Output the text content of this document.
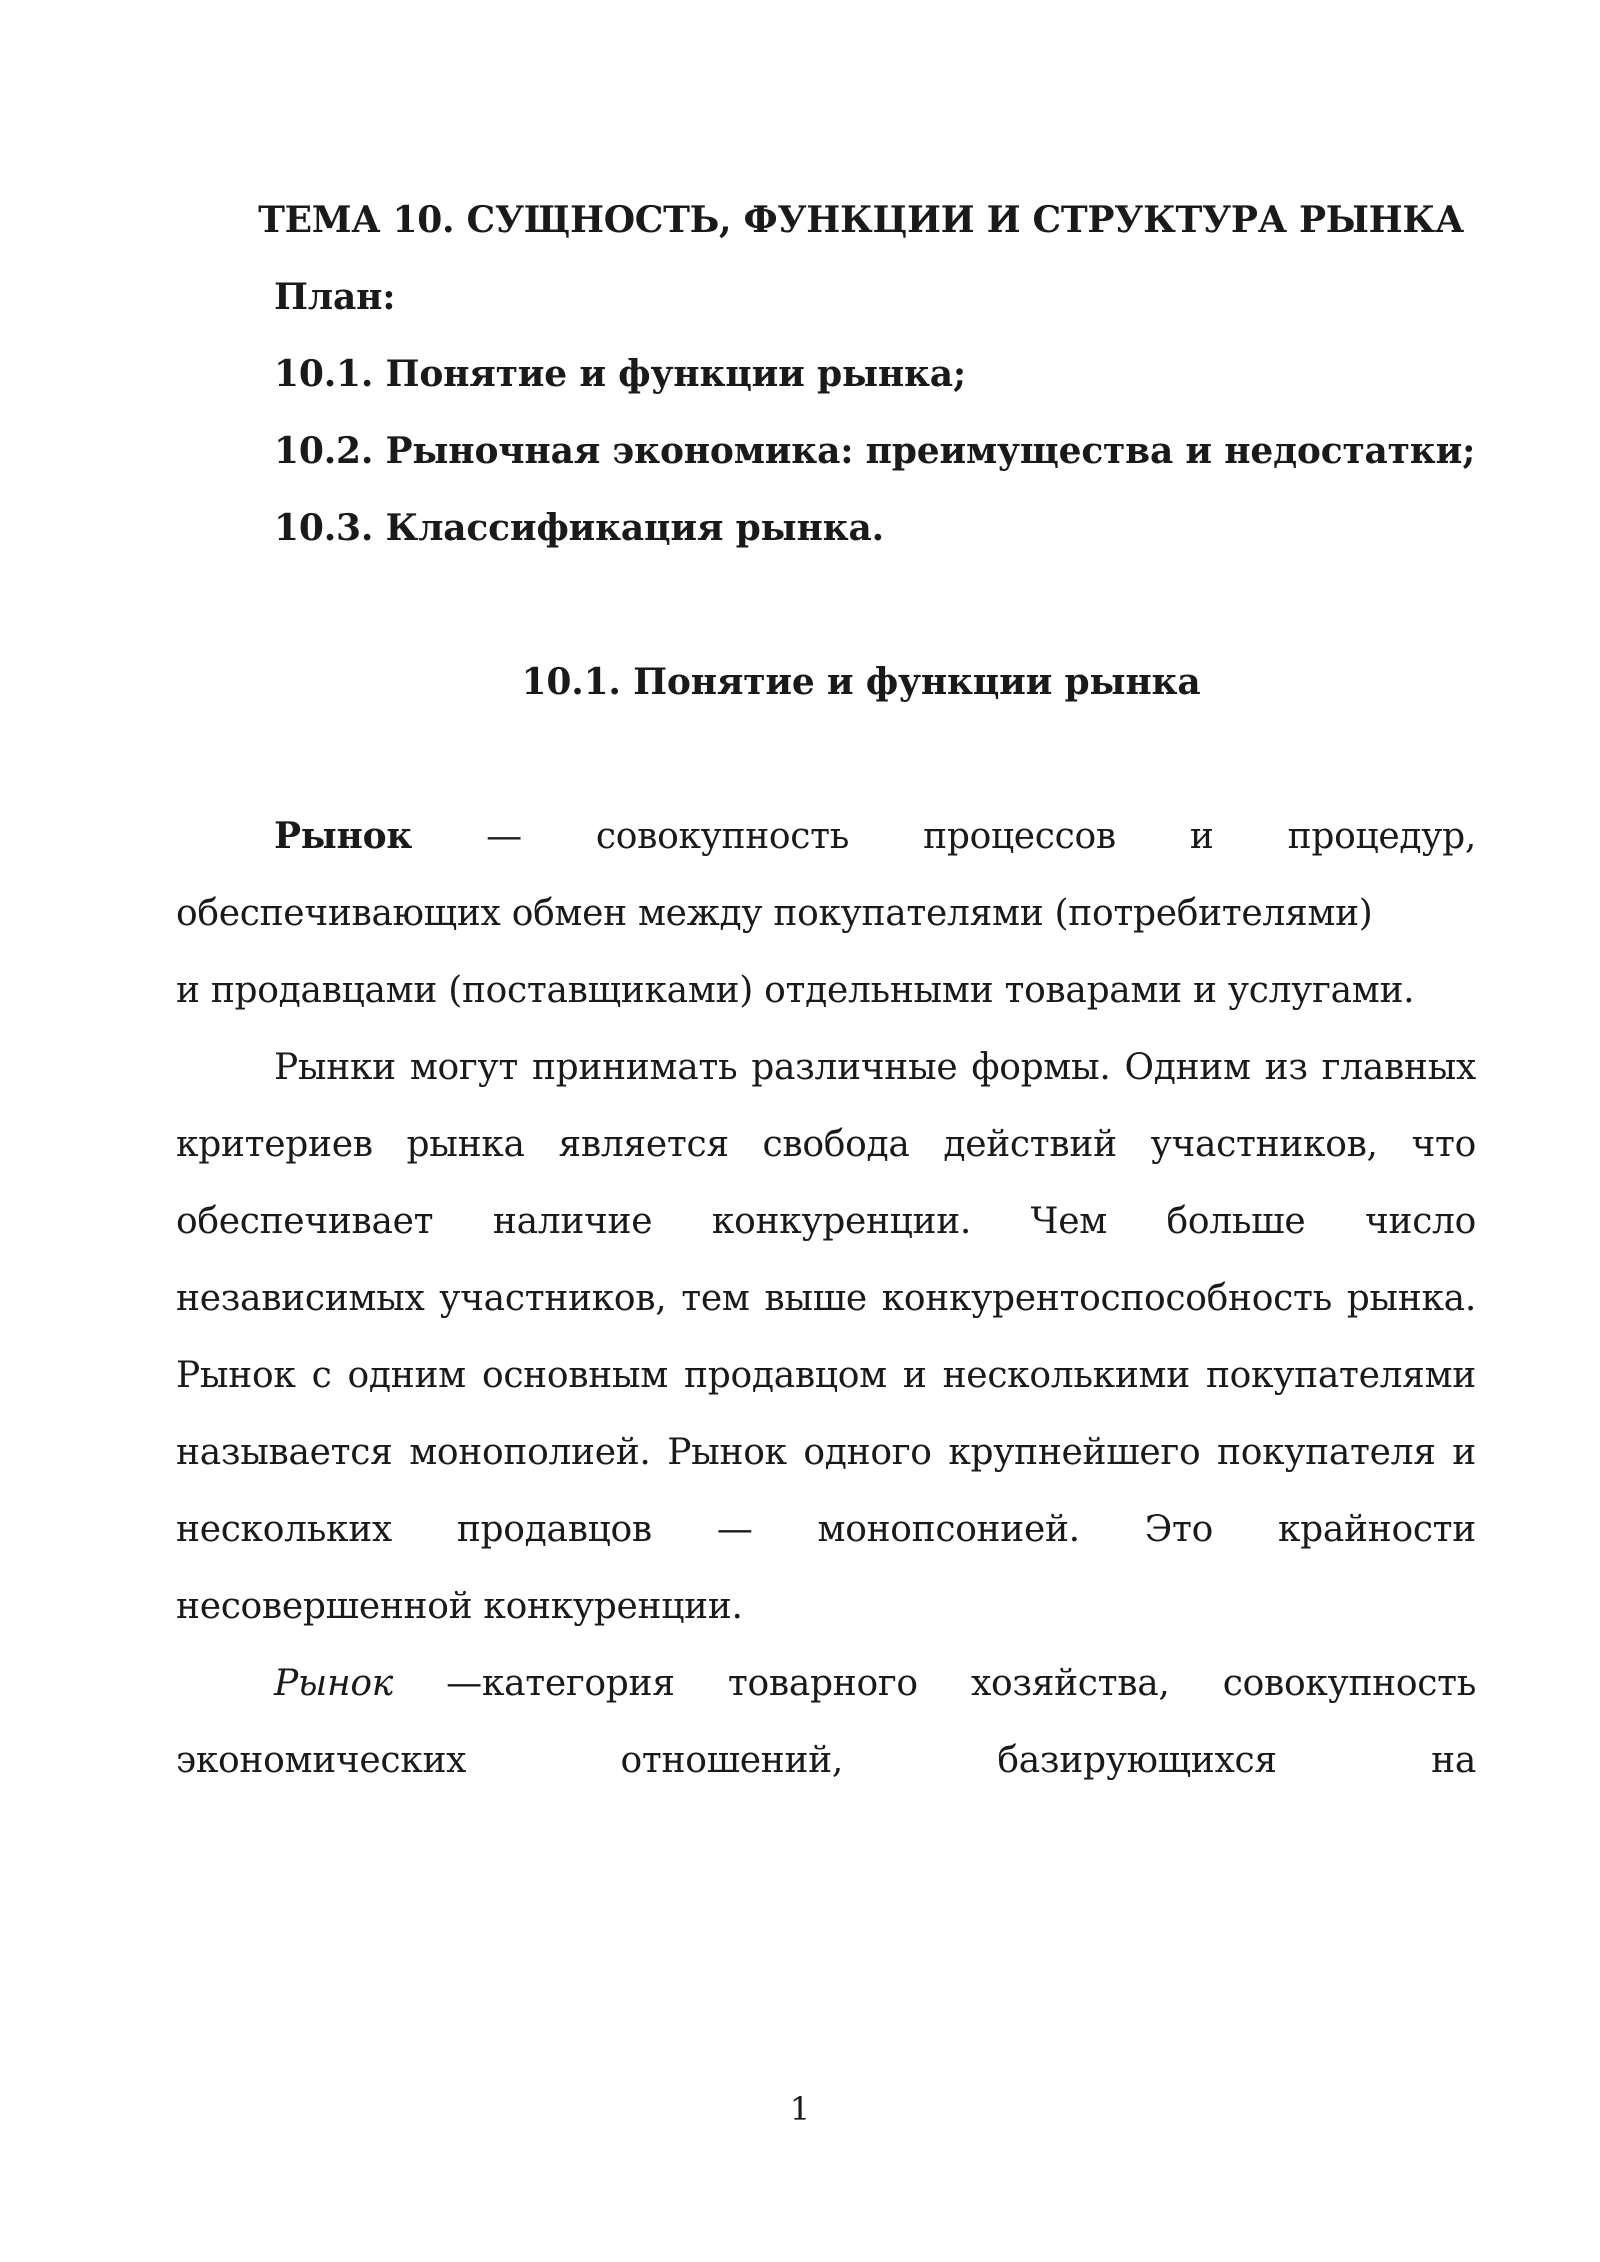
ТЕМА 10. СУЩНОСТЬ, ФУНКЦИИ И СТРУКТУРА РЫНКА

План:

10.1. Понятие и функции рынка;

10.2. Рыночная экономика: преимущества и недостатки;

10.3. Классификация рынка.

10.1. Понятие и функции рынка

Рынок — совокупность процессов и процедур,
обеспечивающих обмен между покупателями (потребителями)
и продавцами (поставщиками) отдельными товарами и услугами.

Рынки могут принимать различные формы. Одним из главных критериев рынка является свобода действий участников, что обеспечивает наличие конкуренции. Чем больше число независимых участников, тем выше конкурентоспособность рынка. Рынок с одним основным продавцом и несколькими покупателями называется монополией. Рынок одного крупнейшего покупателя и нескольких продавцов — монопсонией. Это крайности несовершенной конкуренции.

Рынок —категория товарного хозяйства, совокупность экономических отношений, базирующихся на

1
